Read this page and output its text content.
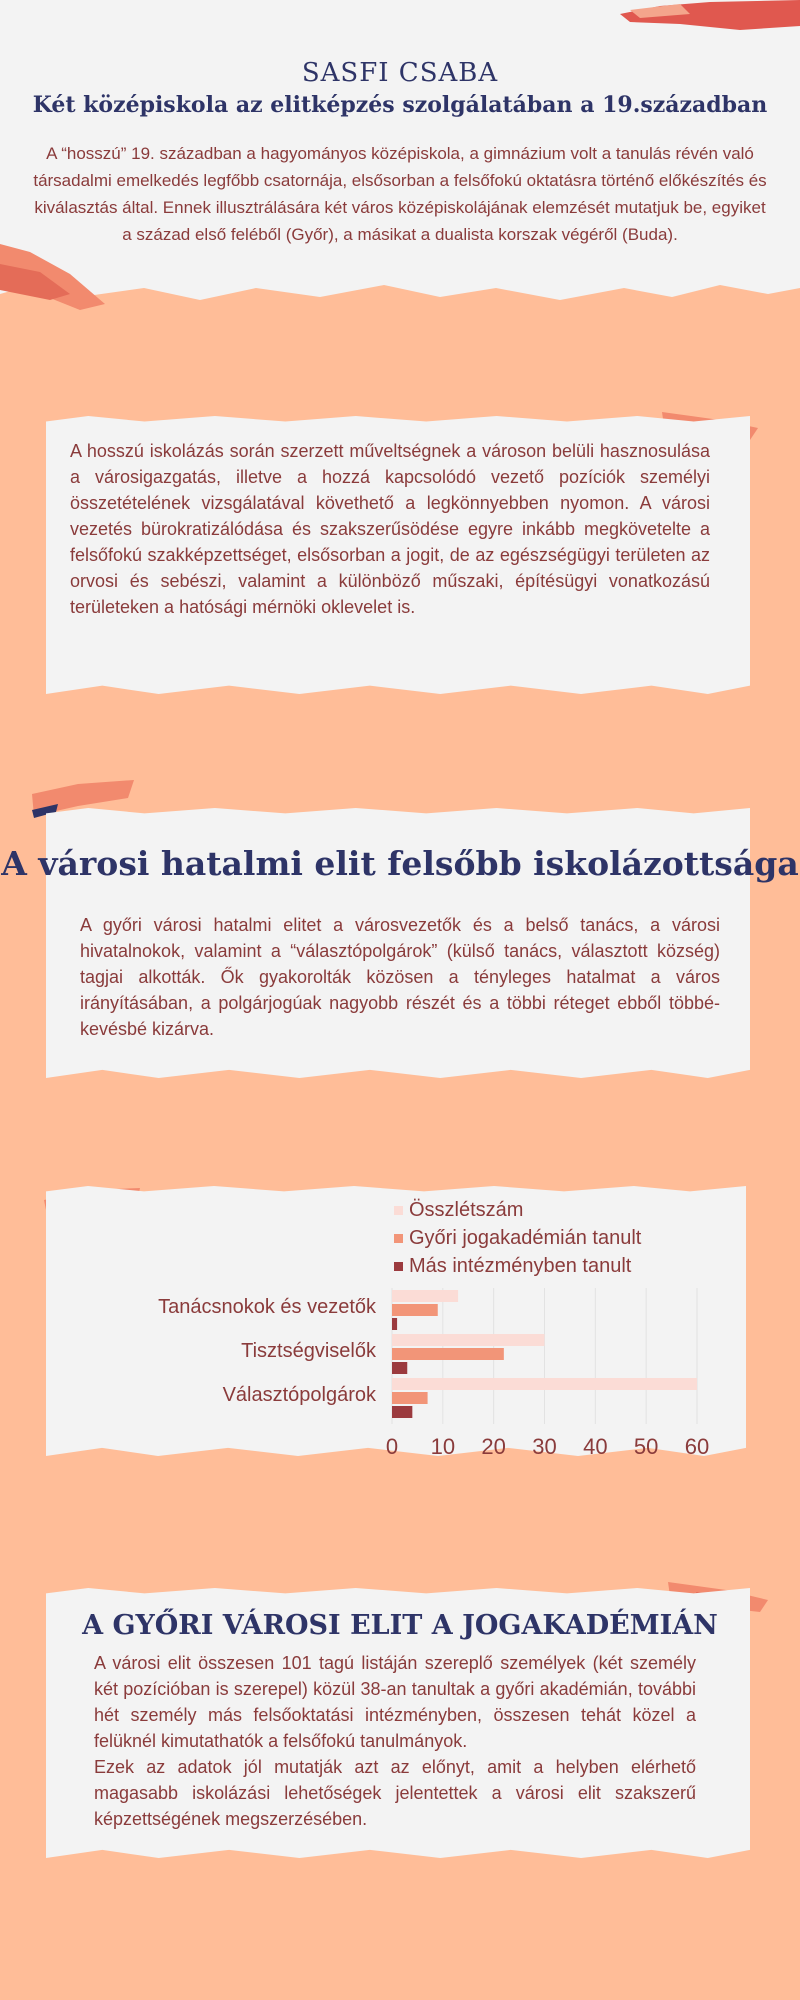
SASFI CSABA
Két középiskola az elitképzés szolgálatában a 19.században
A “hosszú” 19. században a hagyományos középiskola, a gimnázium volt a tanulás révén való társadalmi emelkedés legfőbb csatornája, elsősorban a felsőfokú oktatásra történő előkészítés és kiválasztás által. Ennek illusztrálására két város középiskolájának elemzését mutatjuk be, egyiket a század első feléből (Győr), a másikat a dualista korszak végéről (Buda).
A hosszú iskolázás során szerzett műveltségnek a városon belüli hasznosulása a városigazgatás, illetve a hozzá kapcsolódó vezető pozíciók személyi összetételének vizsgálatával követhető a legkönnyebben nyomon. A városi vezetés bürokratizálódása és szakszerűsödése egyre inkább megkövetelte a felsőfokú szakképzettséget, elsősorban a jogit, de az egészségügyi területen az orvosi és sebészi, valamint a különböző műszaki, építésügyi vonatkozású területeken a hatósági mérnöki oklevelet is.
A városi hatalmi elit felsőbb iskolázottsága
A győri városi hatalmi elitet a városvezetők és a belső tanács, a városi hivatalnokok, valamint a “választópolgárok” (külső tanács, választott község) tagjai alkották. Ők gyakorolták közösen a tényleges hatalmat a város irányításában, a polgárjogúak nagyobb részét és a többi réteget ebből többé-kevésbé kizárva.
Összlétszám
Győri jogakadémián tanult
Más intézményben tanult
0 10 20 30 40 50 60
Tanácsnokok és vezetők
Tisztségviselők
Választópolgárok
A GYŐRI VÁROSI ELIT A JOGAKADÉMIÁN
A városi elit összesen 101 tagú listáján szereplő személyek (két személy két pozícióban is szerepel) közül 38-an tanultak a győri akadémián, további hét személy más felsőoktatási intézményben, összesen tehát közel a felüknél kimutathatók a felsőfokú tanulmányok.
Ezek az adatok jól mutatják azt az előnyt, amit a helyben elérhető magasabb iskolázási lehetőségek jelentettek a városi elit szakszerű képzettségének megszerzésében.
